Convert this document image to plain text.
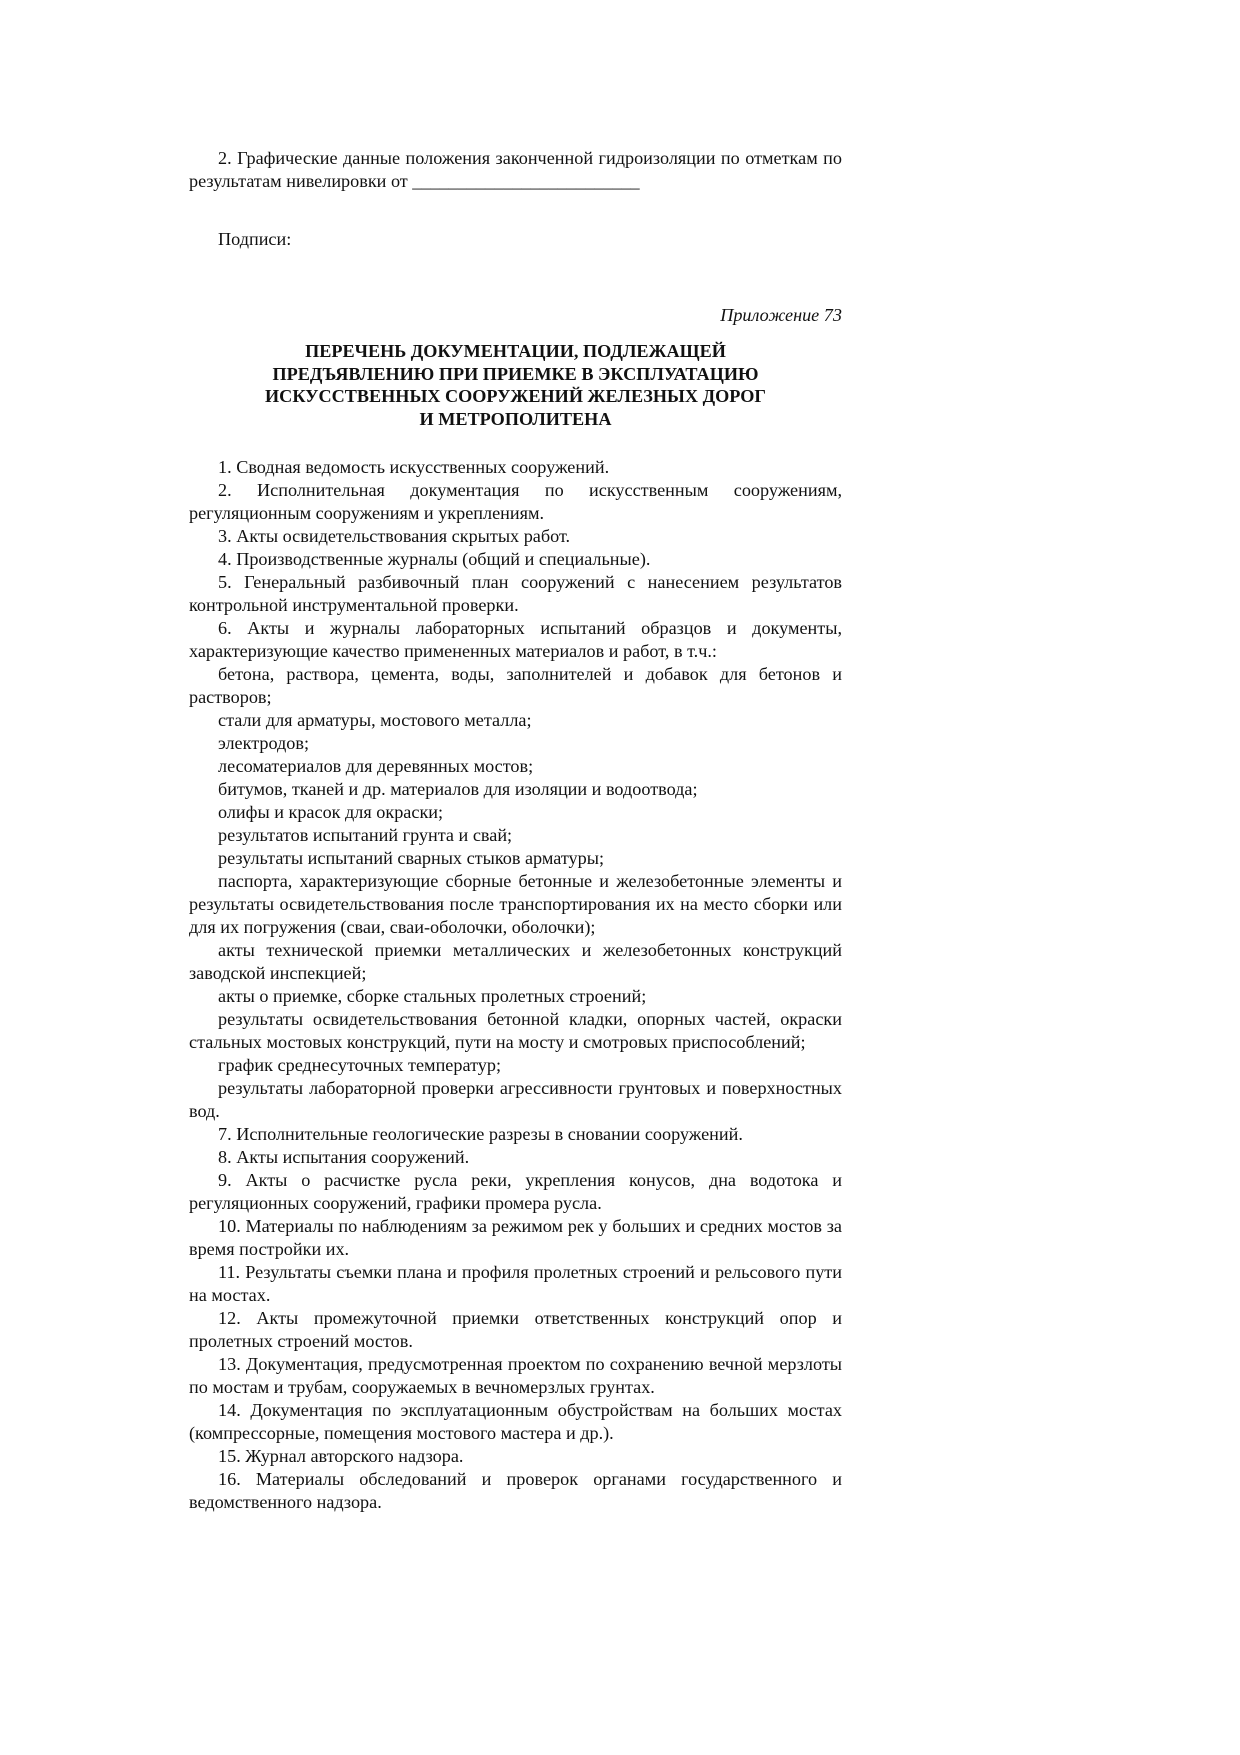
2. Графические данные положения законченной гидроизоляции по отметкам по результатам нивелировки от _________________________

Подписи:

Приложение 73

ПЕРЕЧЕНЬ ДОКУМЕНТАЦИИ, ПОДЛЕЖАЩЕЙ
ПРЕДЪЯВЛЕНИЮ ПРИ ПРИЕМКЕ В ЭКСПЛУАТАЦИЮ
ИСКУССТВЕННЫХ СООРУЖЕНИЙ ЖЕЛЕЗНЫХ ДОРОГ
И МЕТРОПОЛИТЕНА

1. Сводная ведомость искусственных сооружений.

2. Исполнительная документация по искусственным сооружениям, регуляционным сооружениям и укреплениям.

3. Акты освидетельствования скрытых работ.

4. Производственные журналы (общий и специальные).

5. Генеральный разбивочный план сооружений с нанесением результатов контрольной инструментальной проверки.

6. Акты и журналы лабораторных испытаний образцов и документы, характеризующие качество примененных материалов и работ, в т.ч.:

бетона, раствора, цемента, воды, заполнителей и добавок для бетонов и растворов;

стали для арматуры, мостового металла;

электродов;

лесоматериалов для деревянных мостов;

битумов, тканей и др. материалов для изоляции и водоотвода;

олифы и красок для окраски;

результатов испытаний грунта и свай;

результаты испытаний сварных стыков арматуры;

паспорта, характеризующие сборные бетонные и железобетонные элементы и результаты освидетельствования после транспортирования их на место сборки или для их погружения (сваи, сваи-оболочки, оболочки);

акты технической приемки металлических и железобетонных конструкций заводской инспекцией;

акты о приемке, сборке стальных пролетных строений;

результаты освидетельствования бетонной кладки, опорных частей, окраски стальных мостовых конструкций, пути на мосту и смотровых приспособлений;

график среднесуточных температур;

результаты лабораторной проверки агрессивности грунтовых и поверхностных вод.

7. Исполнительные геологические разрезы в сновании сооружений.

8. Акты испытания сооружений.

9. Акты о расчистке русла реки, укрепления конусов, дна водотока и регуляционных сооружений, графики промера русла.

10. Материалы по наблюдениям за режимом рек у больших и средних мостов за время постройки их.

11. Результаты съемки плана и профиля пролетных строений и рельсового пути на мостах.

12. Акты промежуточной приемки ответственных конструкций опор и пролетных строений мостов.

13. Документация, предусмотренная проектом по сохранению вечной мерзлоты по мостам и трубам, сооружаемых в вечномерзлых грунтах.

14. Документация по эксплуатационным обустройствам на больших мостах (компрессорные, помещения мостового мастера и др.).

15. Журнал авторского надзора.

16. Материалы обследований и проверок органами государственного и ведомственного надзора.
